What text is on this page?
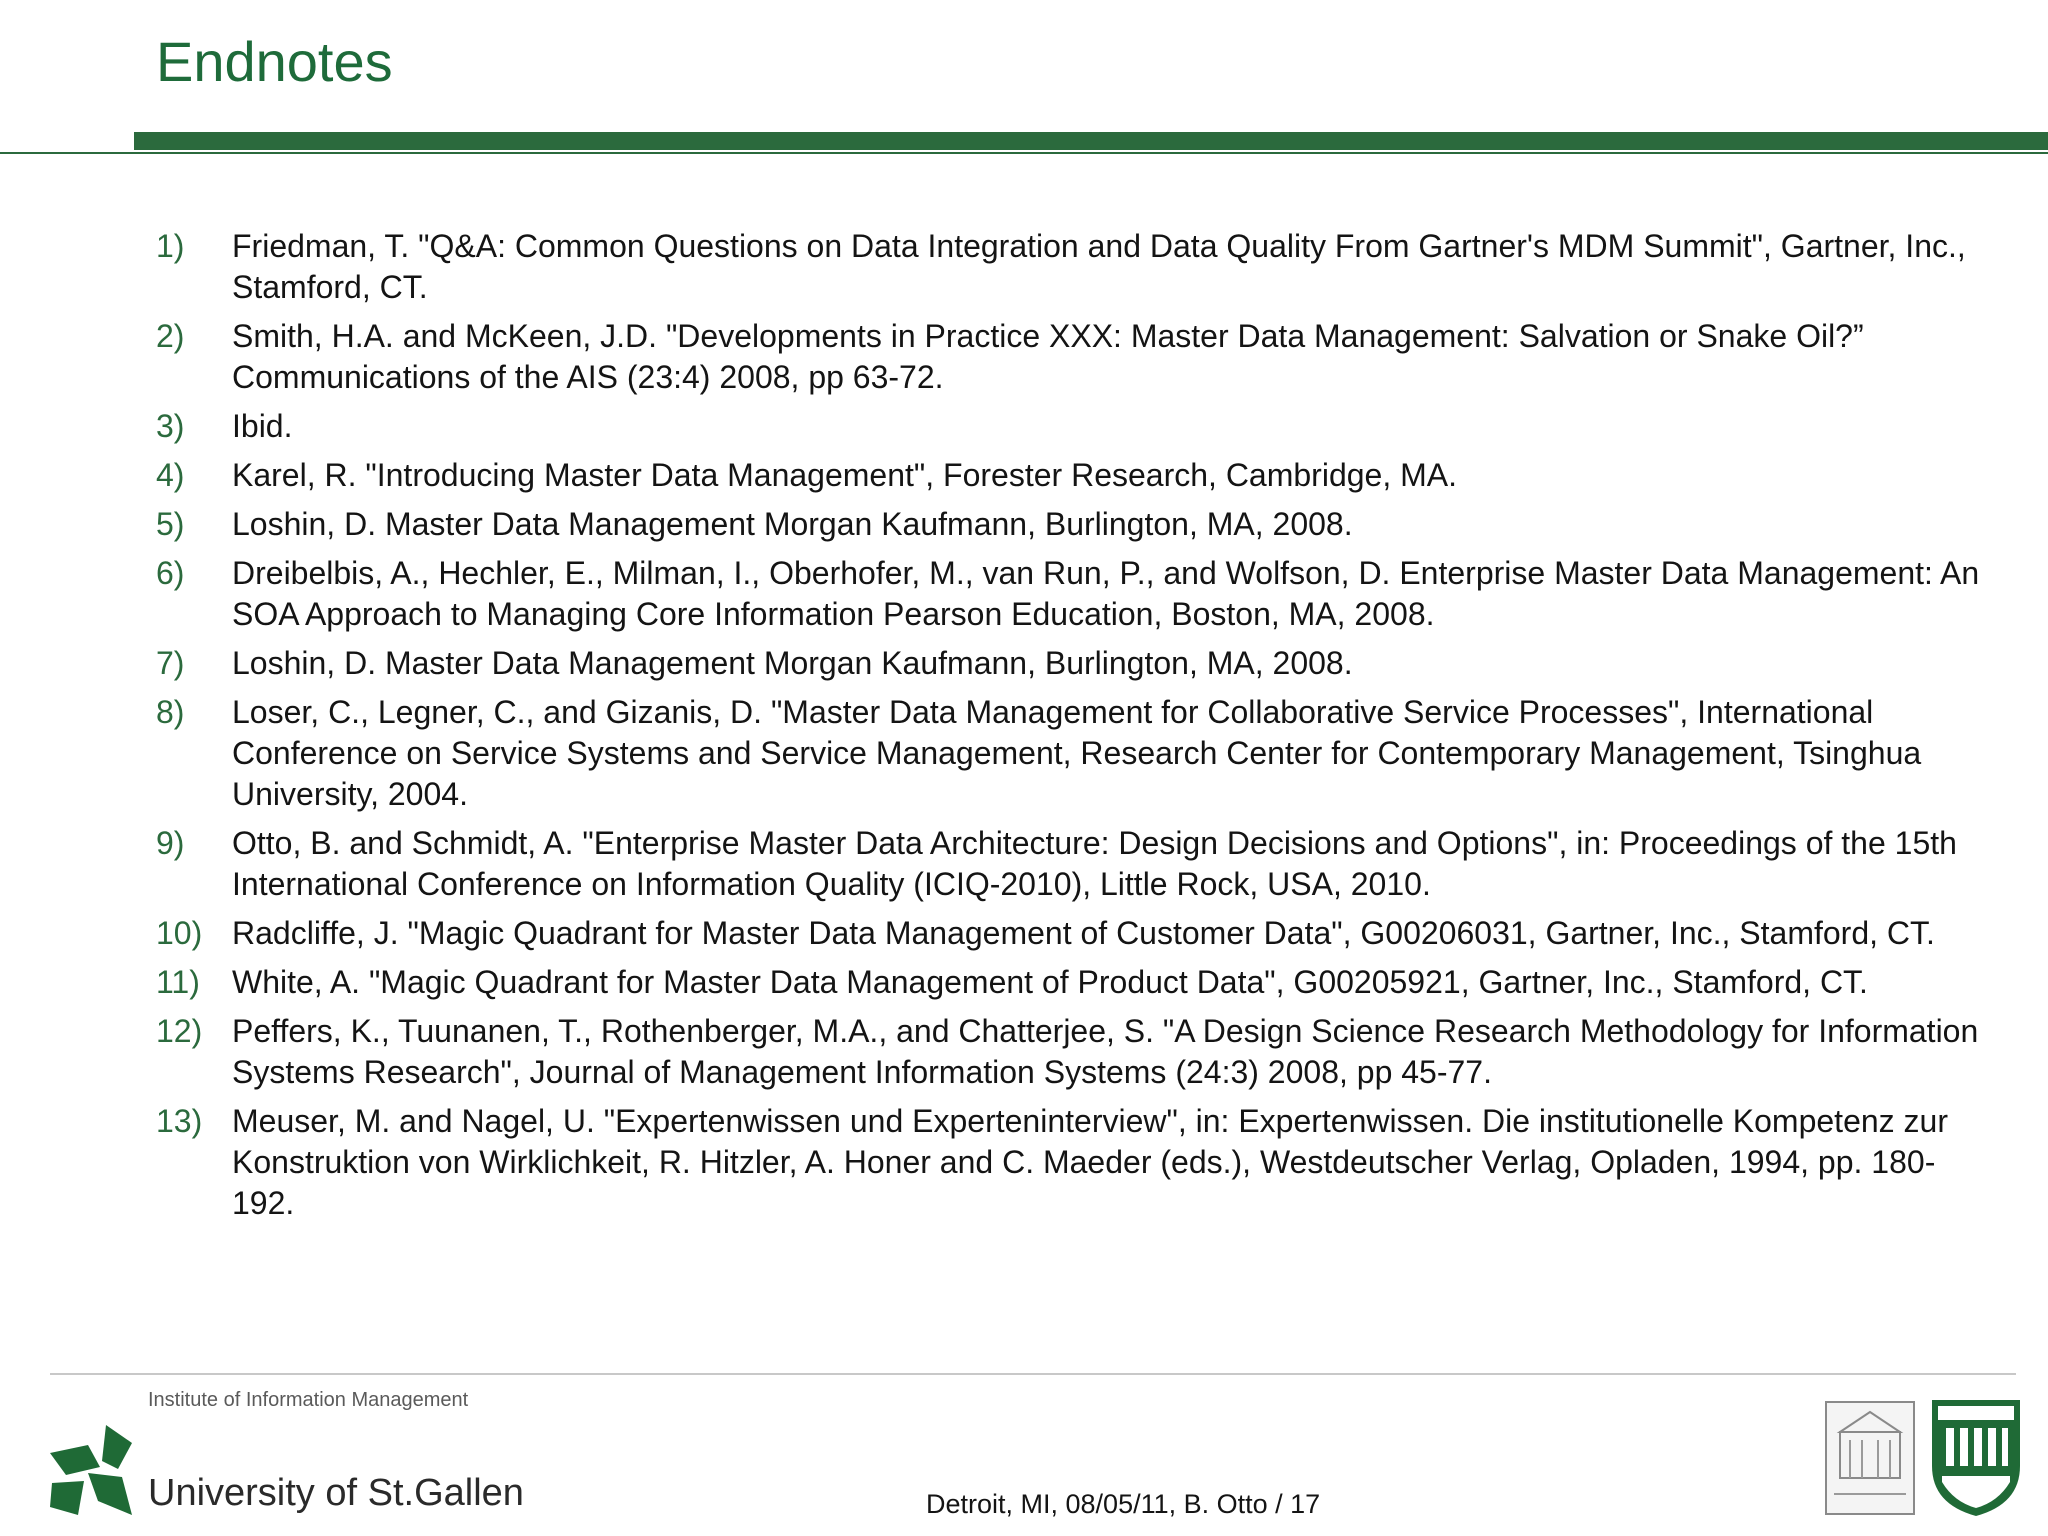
Endnotes
1)	Friedman, T. "Q&A: Common Questions on Data Integration and Data Quality From Gartner's MDM Summit", Gartner, Inc., Stamford, CT.
2)	Smith, H.A. and McKeen, J.D. "Developments in Practice XXX: Master Data Management: Salvation or Snake Oil?” Communications of the AIS (23:4) 2008, pp 63-72.
3)	Ibid.
4)	Karel, R. "Introducing Master Data Management", Forester Research, Cambridge, MA.
5)	Loshin, D. Master Data Management Morgan Kaufmann, Burlington, MA, 2008.
6)	Dreibelbis, A., Hechler, E., Milman, I., Oberhofer, M., van Run, P., and Wolfson, D. Enterprise Master Data Management: An SOA Approach to Managing Core Information Pearson Education, Boston, MA, 2008.
7)	Loshin, D. Master Data Management Morgan Kaufmann, Burlington, MA, 2008.
8)	Loser, C., Legner, C., and Gizanis, D. "Master Data Management for Collaborative Service Processes", International Conference on Service Systems and Service Management, Research Center for Contemporary Management, Tsinghua University, 2004.
9)	Otto, B. and Schmidt, A. "Enterprise Master Data Architecture: Design Decisions and Options", in: Proceedings of the 15th International Conference on Information Quality (ICIQ-2010), Little Rock, USA, 2010.
10) Radcliffe, J. "Magic Quadrant for Master Data Management of Customer Data", G00206031, Gartner, Inc., Stamford, CT.
11)	White, A. "Magic Quadrant for Master Data Management of Product Data", G00205921, Gartner, Inc., Stamford, CT.
12) Peffers, K., Tuunanen, T., Rothenberger, M.A., and Chatterjee, S. "A Design Science Research Methodology for Information Systems Research", Journal of Management Information Systems (24:3) 2008, pp 45-77.
13) Meuser, M. and Nagel, U. "Expertenwissen und Experteninterview", in: Expertenwissen. Die institutionelle Kompetenz zur Konstruktion von Wirklichkeit, R. Hitzler, A. Honer and C. Maeder (eds.), Westdeutscher Verlag, Opladen, 1994, pp. 180-192.
Institute of Information Management
University of St.Gallen	Detroit, MI, 08/05/11, B. Otto / 17
